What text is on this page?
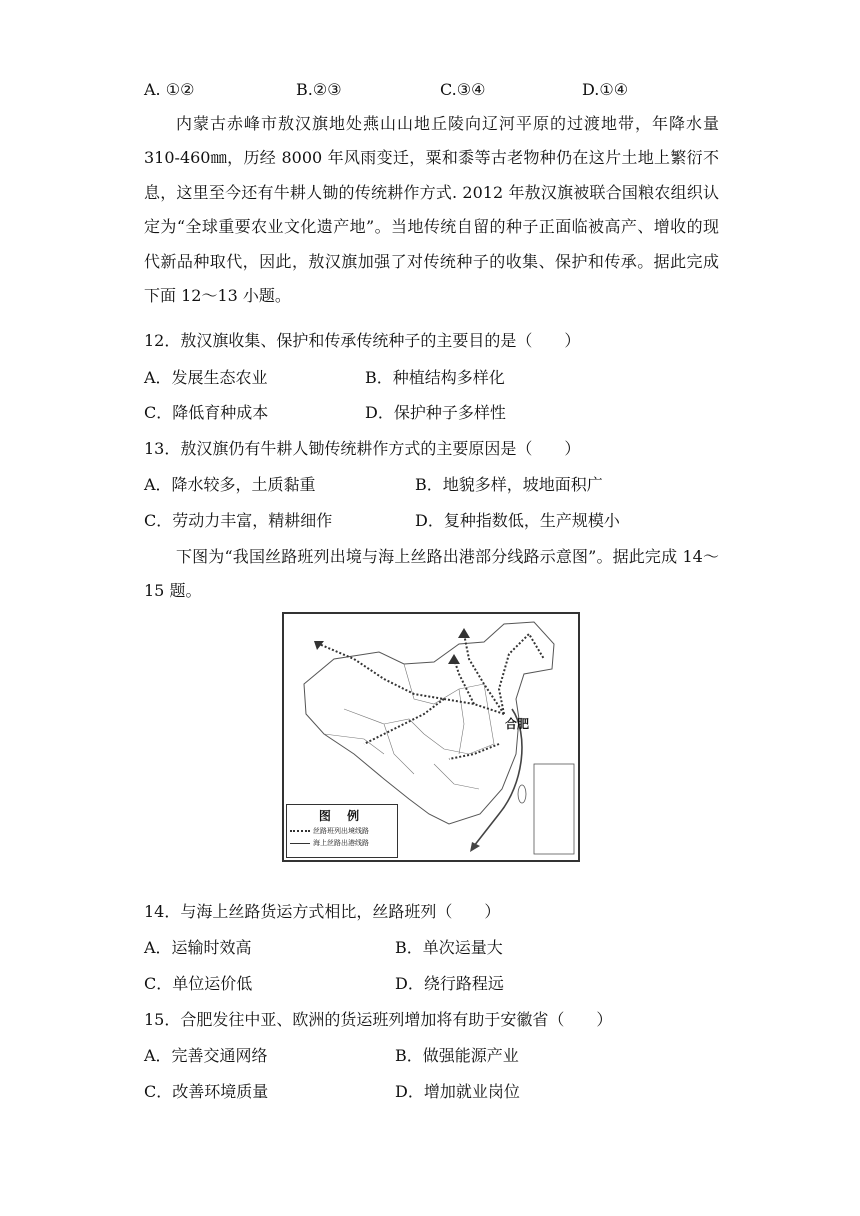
A. ①②	B.②③	C.③④	D.①④
内蒙古赤峰市敖汉旗地处燕山山地丘陵向辽河平原的过渡地带，年降水量 310-460㎜，历经 8000 年风雨变迁，粟和黍等古老物种仍在这片土地上繁衍不息，这里至今还有牛耕人锄的传统耕作方式. 2012 年敖汉旗被联合国粮农组织认定为“全球重要农业文化遗产地”。当地传统自留的种子正面临被高产、增收的现代新品种取代，因此，敖汉旗加强了对传统种子的收集、保护和传承。据此完成下面 12～13 小题。
12．敖汉旗收集、保护和传承传统种子的主要目的是（　　）
A．发展生态农业	B．种植结构多样化
C．降低育种成本	D．保护种子多样性
13．敖汉旗仍有牛耕人锄传统耕作方式的主要原因是（　　）
A．降水较多，土质黏重	B．地貌多样，坡地面积广
C．劳动力丰富，精耕细作	D．复种指数低，生产规模小
下图为“我国丝路班列出境与海上丝路出港部分线路示意图”。据此完成 14～15 题。
合肥
图 例
丝路班列出境线路
海上丝路出港线路
14．与海上丝路货运方式相比，丝路班列（　　）
A．运输时效高	B．单次运量大
C．单位运价低	D．绕行路程远
15．合肥发往中亚、欧洲的货运班列增加将有助于安徽省（　　）
A．完善交通网络	B．做强能源产业
C．改善环境质量	D．增加就业岗位
